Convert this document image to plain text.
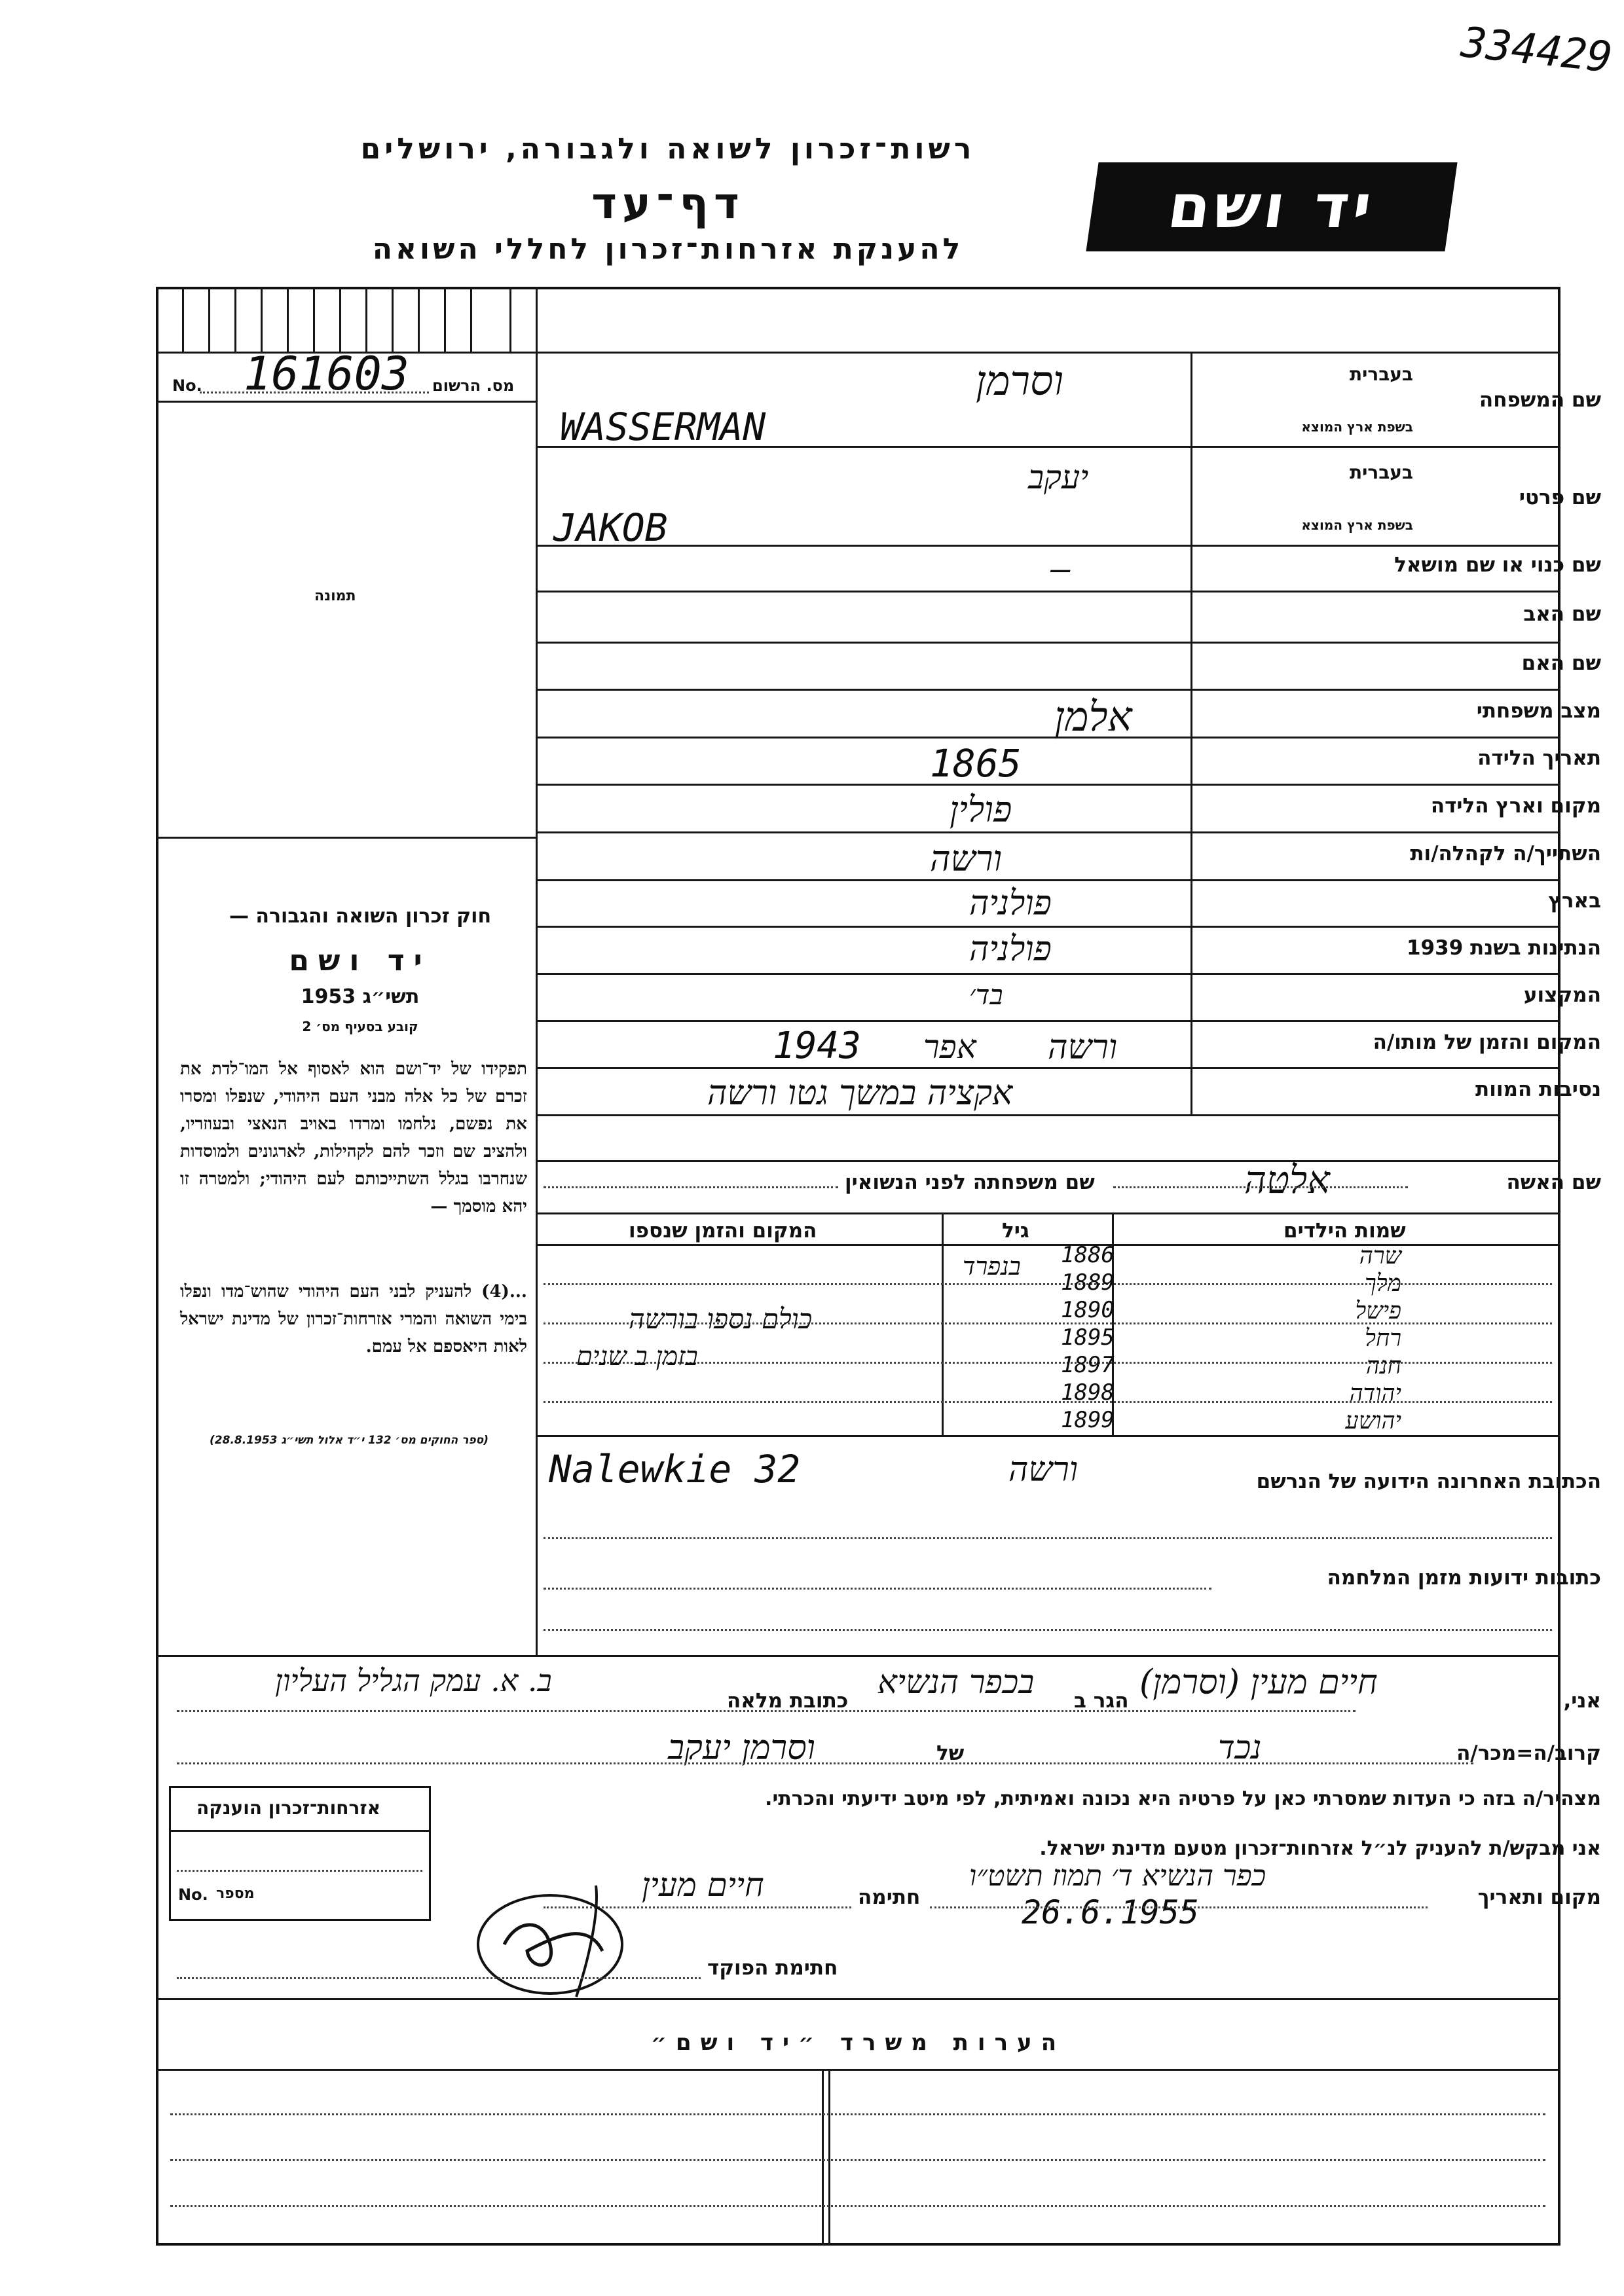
334429
רשות־זכרון לשואה ולגבורה, ירושלים
דף־עד
להענקת אזרחות־זכרון לחללי השואה
יד ושם
No. 161603 מס. הרשום
תמונה
חוק זכרון השואה והגבורה —
יד ושם
תשי״ג 1953
קובע בסעיף מס׳ 2
תפקידו של יד־ושם הוא לאסוף אל המו־לדת את זכרם של כל אלה מבני העם היהודי, שנפלו ומסרו את נפשם, נלחמו ומרדו באויב הנאצי ובעוזריו, ולהציב שם וזכר להם לקהילות, לארגונים ולמוסדות שנחרבו בגלל השתייכותם לעם היהודי; ולמטרה זו יהא מוסמך —
...(4) להעניק לבני העם היהודי שהוש־מדו ונפלו בימי השואה והמרי אזרחות־זכרון של מדינת ישראל לאות היאספם אל עמם.
(ספר החוקים מס׳ 132 י״ד אלול תשי״ג 28.8.1953)
בעברית
שם המשפחה
בשפת ארץ המוצא
בעברית
שם פרטי
בשפת ארץ המוצא
שם כנוי או שם מושאל
שם האב
שם האם
מצב משפחתי
תאריך הלידה
מקום וארץ הלידה
השתייך/ה לקהלה/ות
בארץ
הנתינות בשנת 1939
המקצוע
המקום והזמן של מותו/ה
נסיבות המוות
וסרמן
WASSERMAN
יעקב
JAKOB
—
אלמן
1865
פולין
ורשה
פולניה
פולניה
בד׳
ורשה
אפר
1943
אקציה במשך גטו ורשה
שם האשה
אלטה
שם משפחתה לפני הנשואין
שמות הילדים
גיל
המקום והזמן שנספו
שרה
מלך
פישל
רחל
חנה
יהודה
יהושע
1886
1889
1890
1895
1897
1898
1899
בנפרד
כולם נספו בורשה
בזמן ב שנים
Nalewkie 32	ורשה	הכתובת האחרונה הידועה של הנרשם
כתובות ידועות מזמן המלחמה
אני,
חיים מעין (וסרמן)
הגר ב
בכפר הנשיא
כתובת מלאה
ב. א. עמק הגליל העליון
קרוב/ה=מכר/ה
נכד
של
וסרמן יעקב
מצהיר/ה בזה כי העדות שמסרתי כאן על פרטיה היא נכונה ואמיתית, לפי מיטב ידיעתי והכרתי.
אני מבקש/ת להעניק לנ״ל אזרחות־זכרון מטעם מדינת ישראל.
מקום ותאריך
כפר הנשיא ד׳ תמוז תשט״ו
26.6.1955
חתימה
חיים מעין
חתימת הפוקד
אזרחות־זכרון הוענקה
No. מספר
הערות משרד ״יד ושם״
